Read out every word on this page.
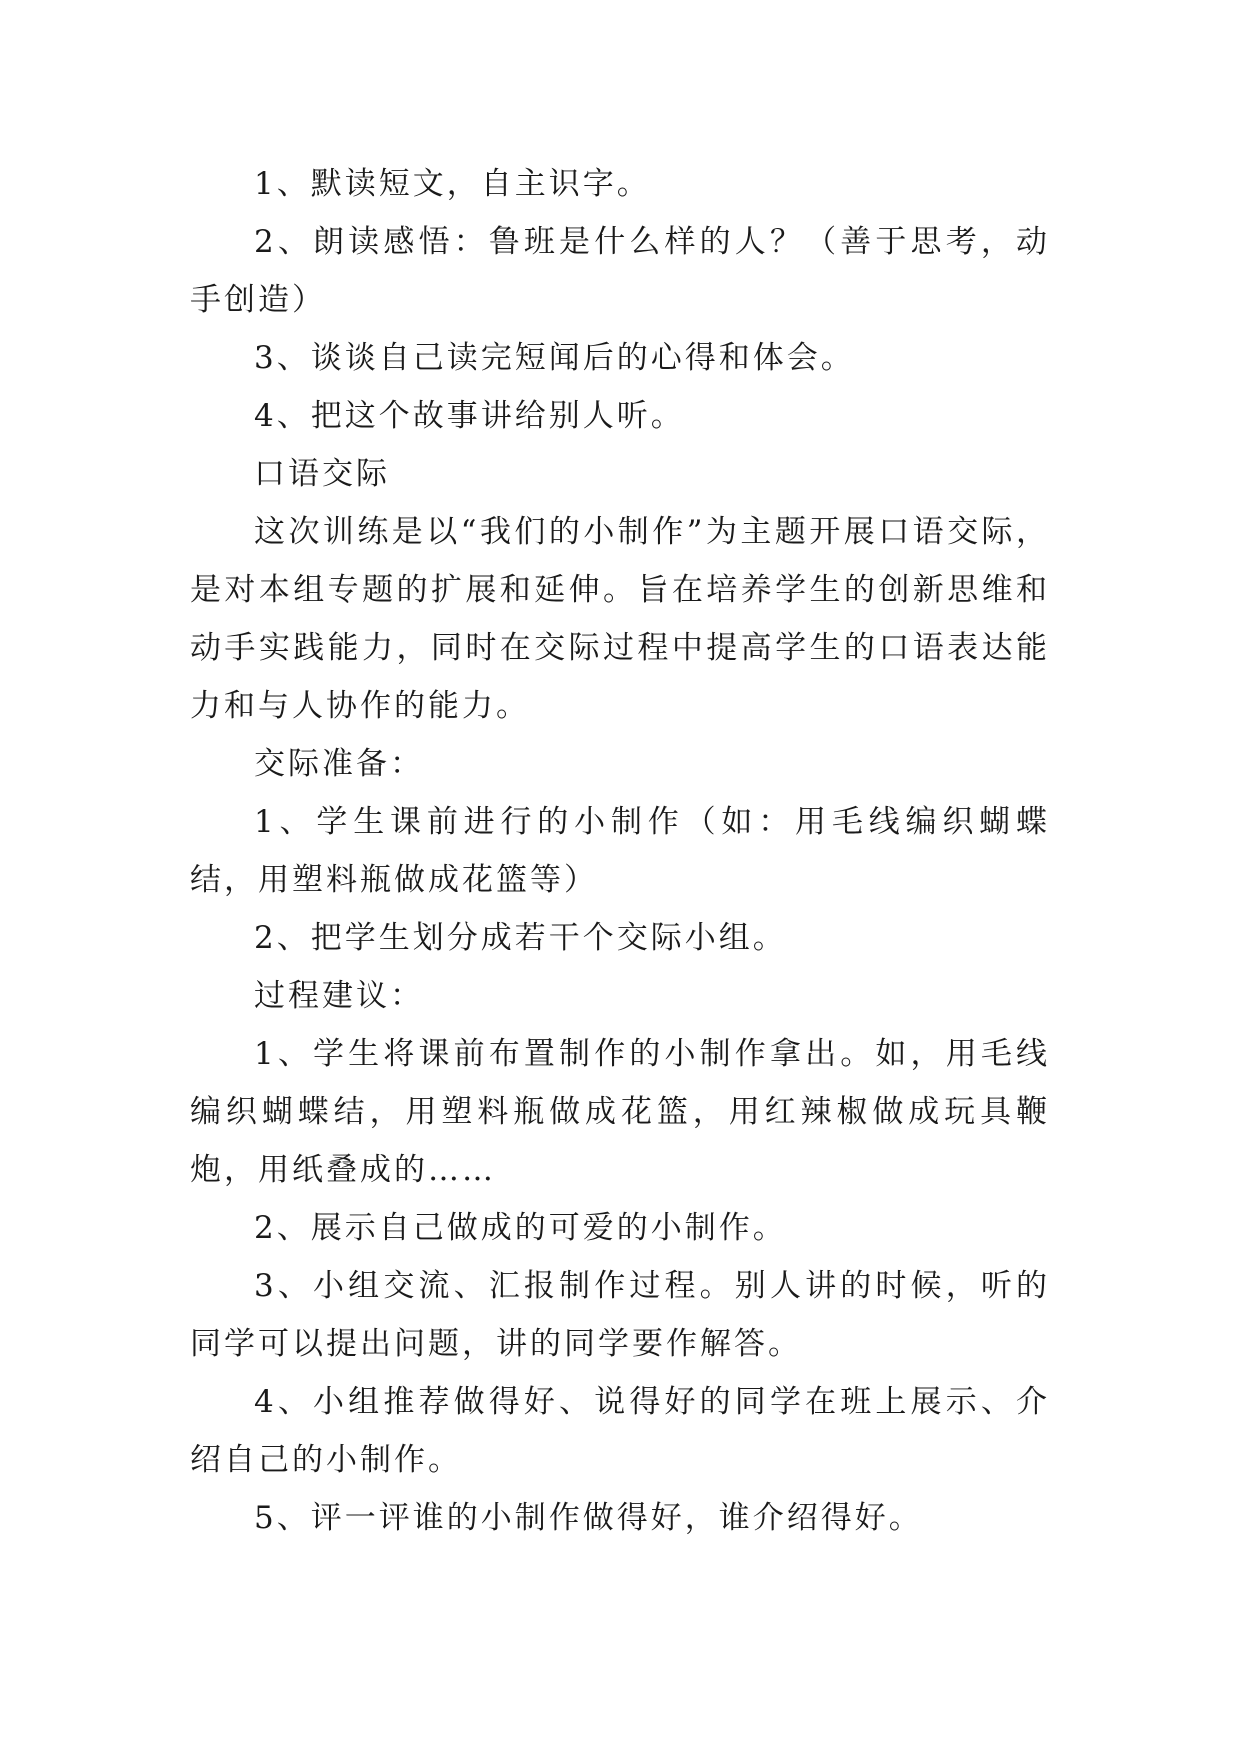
1、默读短文，自主识字。

2、朗读感悟：鲁班是什么样的人？（善于思考，动手创造）

3、谈谈自己读完短闻后的心得和体会。

4、把这个故事讲给别人听。

口语交际

这次训练是以“我们的小制作”为主题开展口语交际，是对本组专题的扩展和延伸。旨在培养学生的创新思维和动手实践能力，同时在交际过程中提高学生的口语表达能力和与人协作的能力。

交际准备：

1、学生课前进行的小制作（如：用毛线编织蝴蝶结，用塑料瓶做成花篮等）

2、把学生划分成若干个交际小组。

过程建议：

1、学生将课前布置制作的小制作拿出。如，用毛线编织蝴蝶结，用塑料瓶做成花篮，用红辣椒做成玩具鞭炮，用纸叠成的……

2、展示自己做成的可爱的小制作。

3、小组交流、汇报制作过程。别人讲的时候，听的同学可以提出问题，讲的同学要作解答。

4、小组推荐做得好、说得好的同学在班上展示、介绍自己的小制作。

5、评一评谁的小制作做得好，谁介绍得好。
